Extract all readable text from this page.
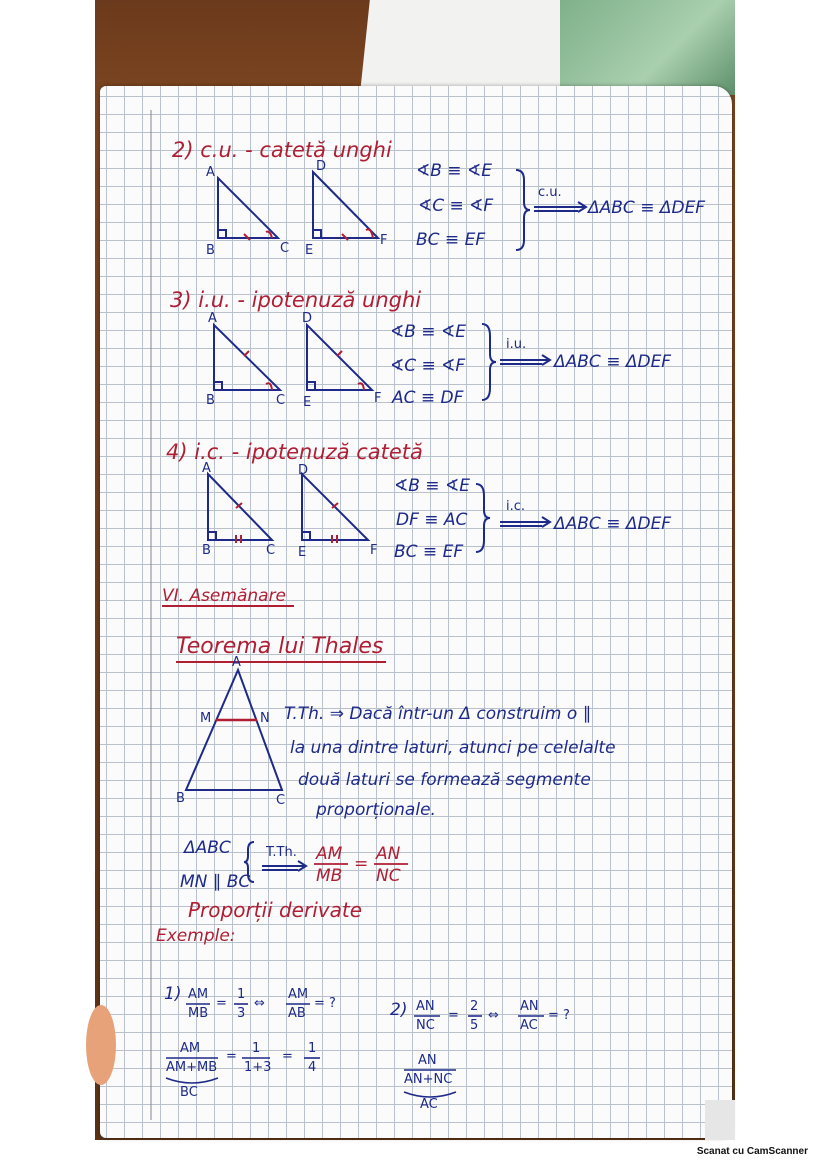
2) c.u. - catetă unghi
A	D
B	C E
F
∢B ≡ ∢E
∢C ≡ ∢F
BC ≡ EF
c.u.
ΔABC ≡ ΔDEF
3) i.u. - ipotenuză unghi
A	D
B	C E	F
∢B ≡ ∢E
∢C ≡ ∢F
AC ≡ DF
i.u.
ΔABC ≡ ΔDEF
4) i.c. - ipotenuză catetă
A	D
B	C E	F
∢B ≡ ∢E
DF ≡ AC
BC ≡ EF
i.c.
ΔABC ≡ ΔDEF
VI. Asemănare
Teorema lui Thales
A
M	N
B	C
T.Th. ⇒ Dacă într-un Δ construim o ∥
la una dintre laturi, atunci pe celelalte
două laturi se formează segmente
proporționale.
ΔABC
MN ∥ BC
T.Th. AM
MB
= AN
NC
Proporții derivate
Exemple:
1) AM
MB
=
1
3
⇔
AM
AB
= ?
AM
AM+MB
BC
=
1
1+3
=
1
4
2) AN
NC
=
2
5
⇔
AN
AC
= ?
AN
AN+NC
AC
Scanat cu CamScanner
